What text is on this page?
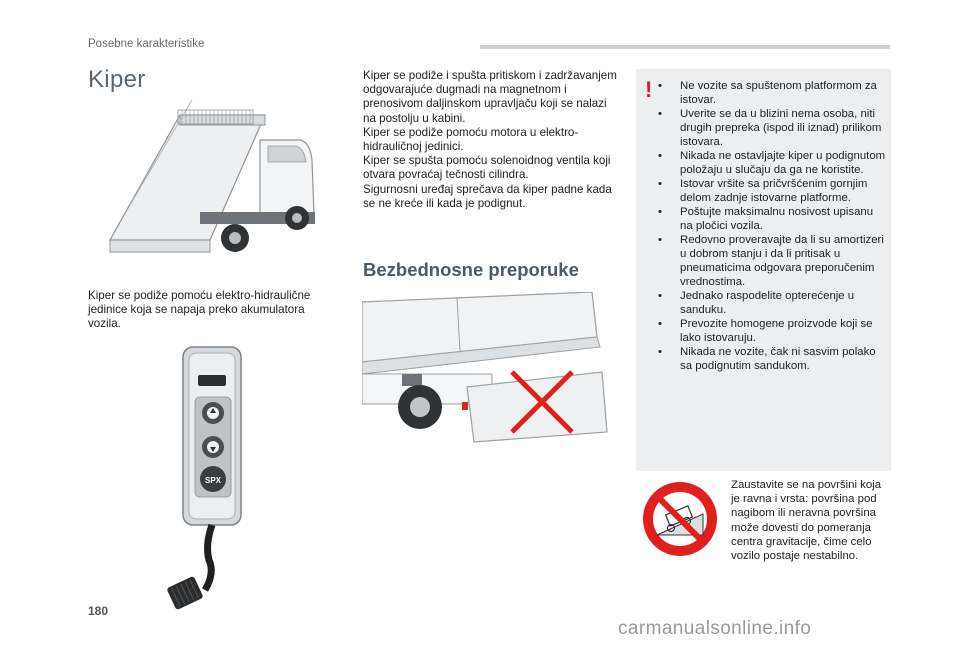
Posebne karakteristike
Kiper

Kiper se podiže pomoću elektro-hidraulične jedinice koja se napaja preko akumulatora vozila.

SPX

Kiper se podiže i spušta pritiskom i zadržavanjem odgovarajuće dugmadi na magnetnom i prenosivom daljinskom upravljaču koji se nalazi na postolju u kabini.

Kiper se podiže pomoću motora u elektro-hidrauličnoj jedinici.

Kiper se spušta pomoću solenoidnog ventila koji otvara povraćaj tečnosti cilindra.

Sigurnosni uređaj sprečava da kiper padne kada se ne kreće ili kada je podignut.

Bezbednosne preporuke
! • Ne vozite sa spuštenom platformom za istovar.
• Uverite se da u blizini nema osoba, niti drugih prepreka (ispod ili iznad) prilikom istovara.
• Nikada ne ostavljajte kiper u podignutom položaju u slučaju da ga ne koristite.
• Istovar vršite sa pričvršćenim gornjim delom zadnje istovarne platforme.
• Poštujte maksimalnu nosivost upisanu na pločici vozila.
• Redovno proveravajte da li su amortizeri u dobrom stanju i da li pritisak u pneumaticima odgovara preporučenim vrednostima.
• Jednako raspodelite opterećenje u sanduku.
• Prevozite homogene proizvode koji se lako istovaruju.
• Nikada ne vozite, čak ni sasvim polako sa podignutim sandukom.

Zaustavite se na površini koja je ravna i vrsta: površina pod nagibom ili neravna površina može dovesti do pomeranja centra gravitacije, čime celo vozilo postaje nestabilno.

180
carmanualsonline.info
